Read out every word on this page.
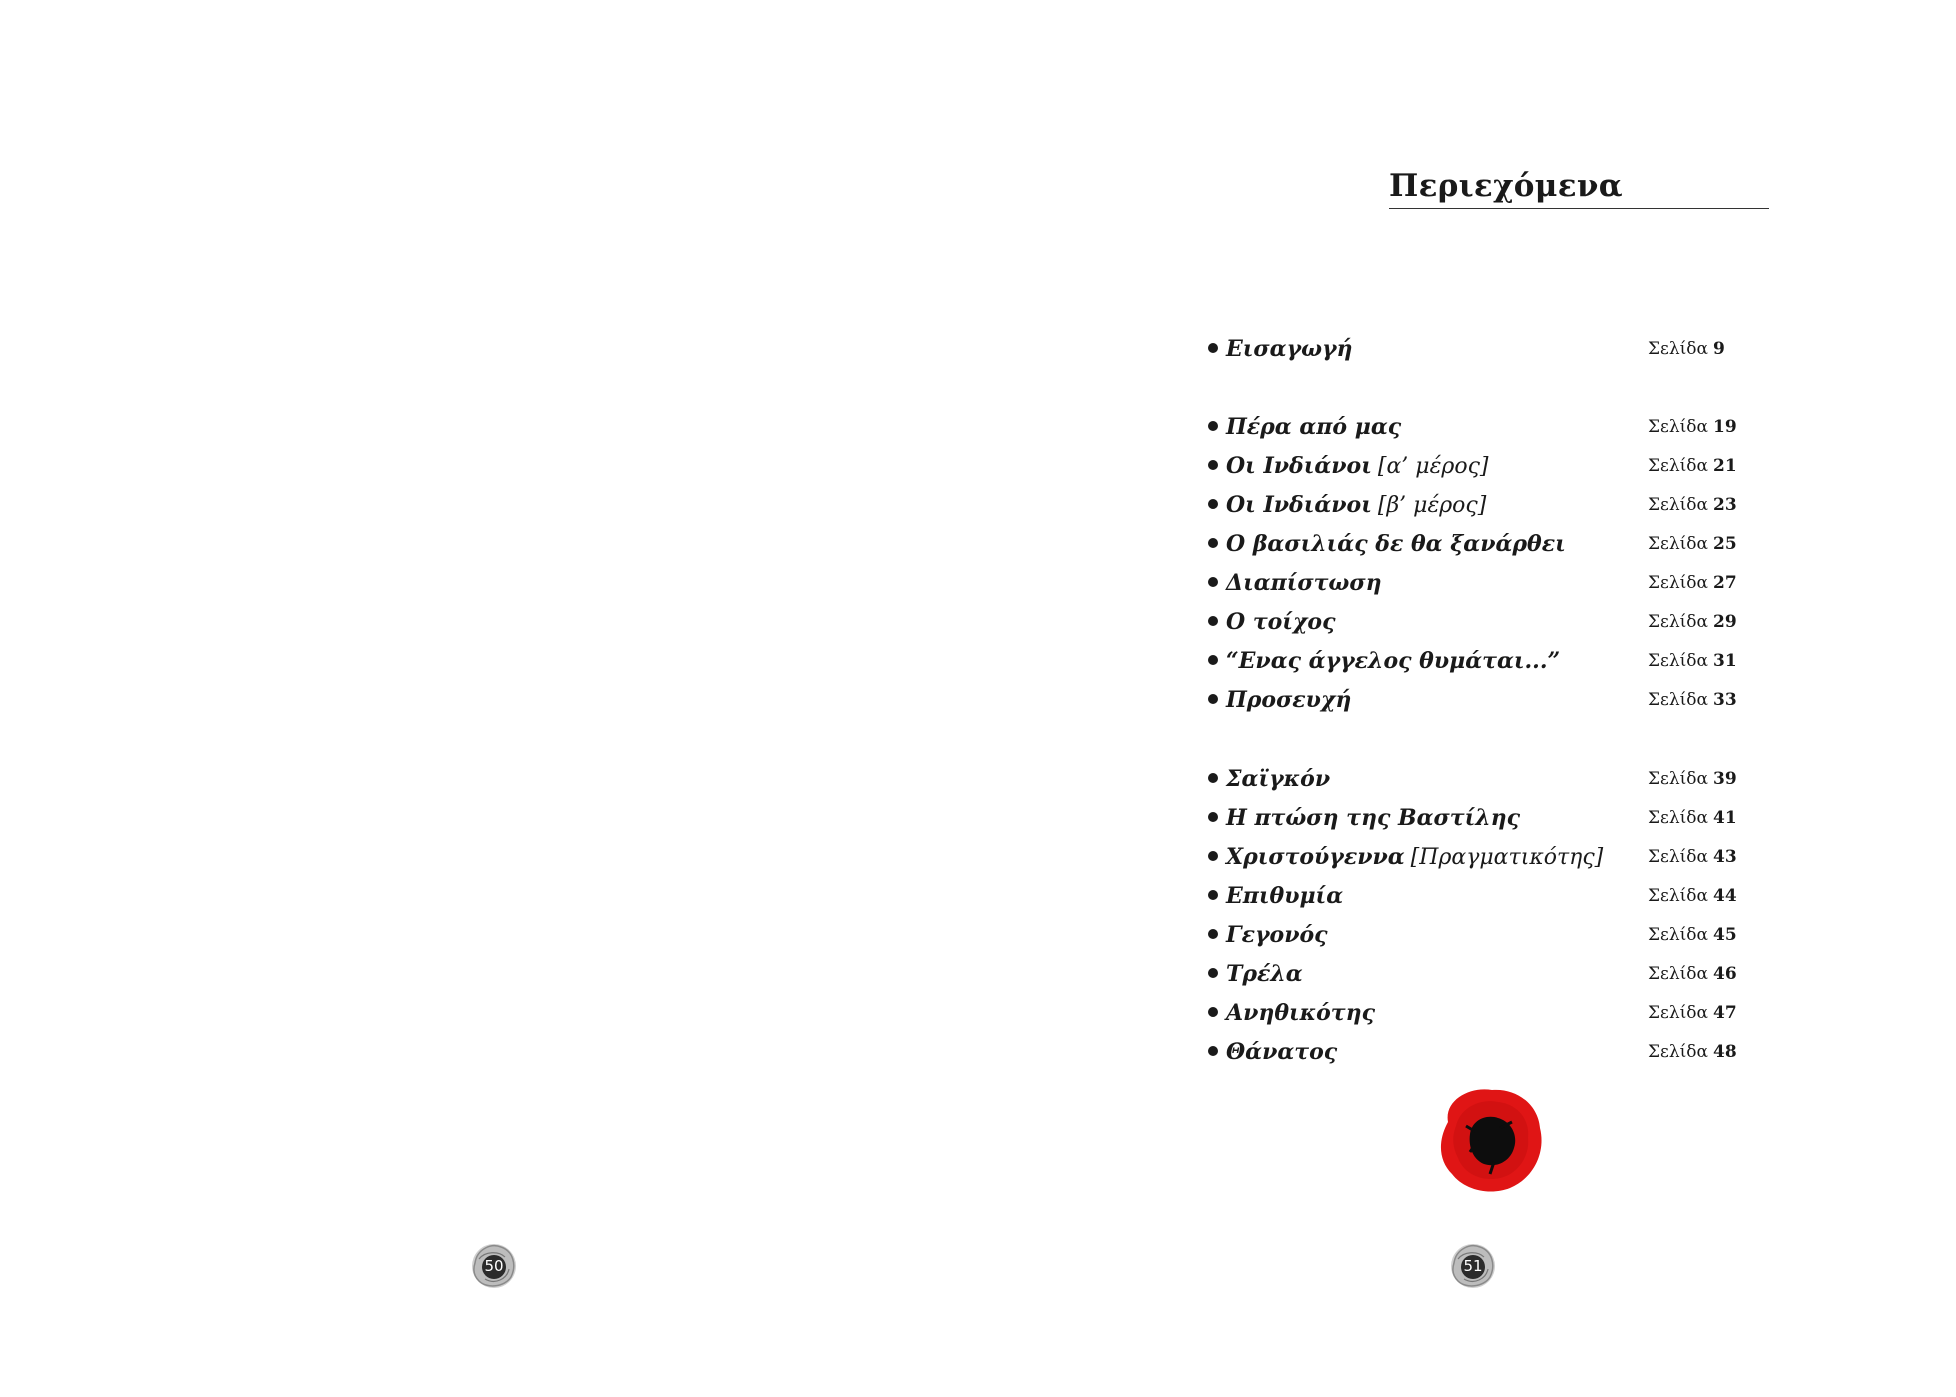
50
Περιεχόμενα
Εισαγωγή	Σελίδα 9
Πέρα από μας	Σελίδα 19
Οι Ινδιάνοι [α’ μέρος]	Σελίδα 21
Οι Ινδιάνοι [β’ μέρος]	Σελίδα 23
Ο βασιλιάς δε θα ξανάρθει	Σελίδα 25
Διαπίστωση	Σελίδα 27
Ο τοίχος	Σελίδα 29
“Ενας άγγελος θυμάται...”	Σελίδα 31
Προσευχή	Σελίδα 33
Σαϊγκόν	Σελίδα 39
Η πτώση της Βαστίλης	Σελίδα 41
Χριστούγεννα [Πραγματικότης]	Σελίδα 43
Επιθυμία	Σελίδα 44
Γεγονός	Σελίδα 45
Τρέλα	Σελίδα 46
Ανηθικότης	Σελίδα 47
Θάνατος	Σελίδα 48
51
